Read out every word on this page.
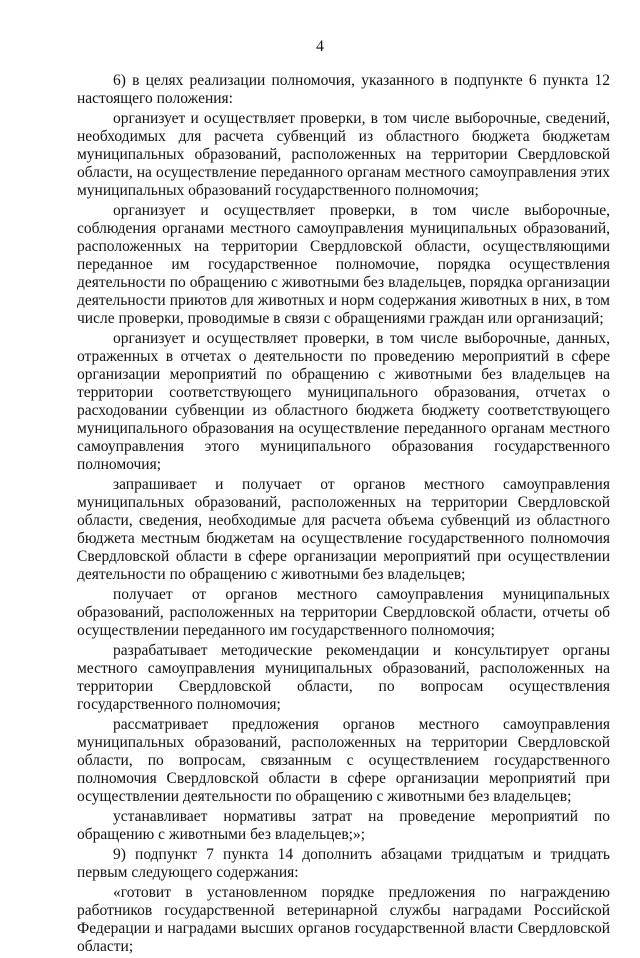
4

6) в целях реализации полномочия, указанного в подпункте 6 пункта 12 настоящего положения:

организует и осуществляет проверки, в том числе выборочные, сведений, необходимых для расчета субвенций из областного бюджета бюджетам муниципальных образований, расположенных на территории Свердловской области, на осуществление переданного органам местного самоуправления этих муниципальных образований государственного полномочия;

организует и осуществляет проверки, в том числе выборочные, соблюдения органами местного самоуправления муниципальных образований, расположенных на территории Свердловской области, осуществляющими переданное им государственное полномочие, порядка осуществления деятельности по обращению с животными без владельцев, порядка организации деятельности приютов для животных и норм содержания животных в них, в том числе проверки, проводимые в связи с обращениями граждан или организаций;

организует и осуществляет проверки, в том числе выборочные, данных, отраженных в отчетах о деятельности по проведению мероприятий в сфере организации мероприятий по обращению с животными без владельцев на территории соответствующего муниципального образования, отчетах о расходовании субвенции из областного бюджета бюджету соответствующего муниципального образования на осуществление переданного органам местного самоуправления этого муниципального образования государственного полномочия;

запрашивает и получает от органов местного самоуправления муниципальных образований, расположенных на территории Свердловской области, сведения, необходимые для расчета объема субвенций из областного бюджета местным бюджетам на осуществление государственного полномочия Свердловской области в сфере организации мероприятий при осуществлении деятельности по обращению с животными без владельцев;

получает от органов местного самоуправления муниципальных образований, расположенных на территории Свердловской области, отчеты об осуществлении переданного им государственного полномочия;

разрабатывает методические рекомендации и консультирует органы местного самоуправления муниципальных образований, расположенных на территории Свердловской области, по вопросам осуществления государственного полномочия;

рассматривает предложения органов местного самоуправления муниципальных образований, расположенных на территории Свердловской области, по вопросам, связанным с осуществлением государственного полномочия Свердловской области в сфере организации мероприятий при осуществлении деятельности по обращению с животными без владельцев;

устанавливает нормативы затрат на проведение мероприятий по обращению с животными без владельцев;»;

9) подпункт 7 пункта 14 дополнить абзацами тридцатым и тридцать первым следующего содержания:

«готовит в установленном порядке предложения по награждению работников государственной ветеринарной службы наградами Российской Федерации и наградами высших органов государственной власти Свердловской области;
